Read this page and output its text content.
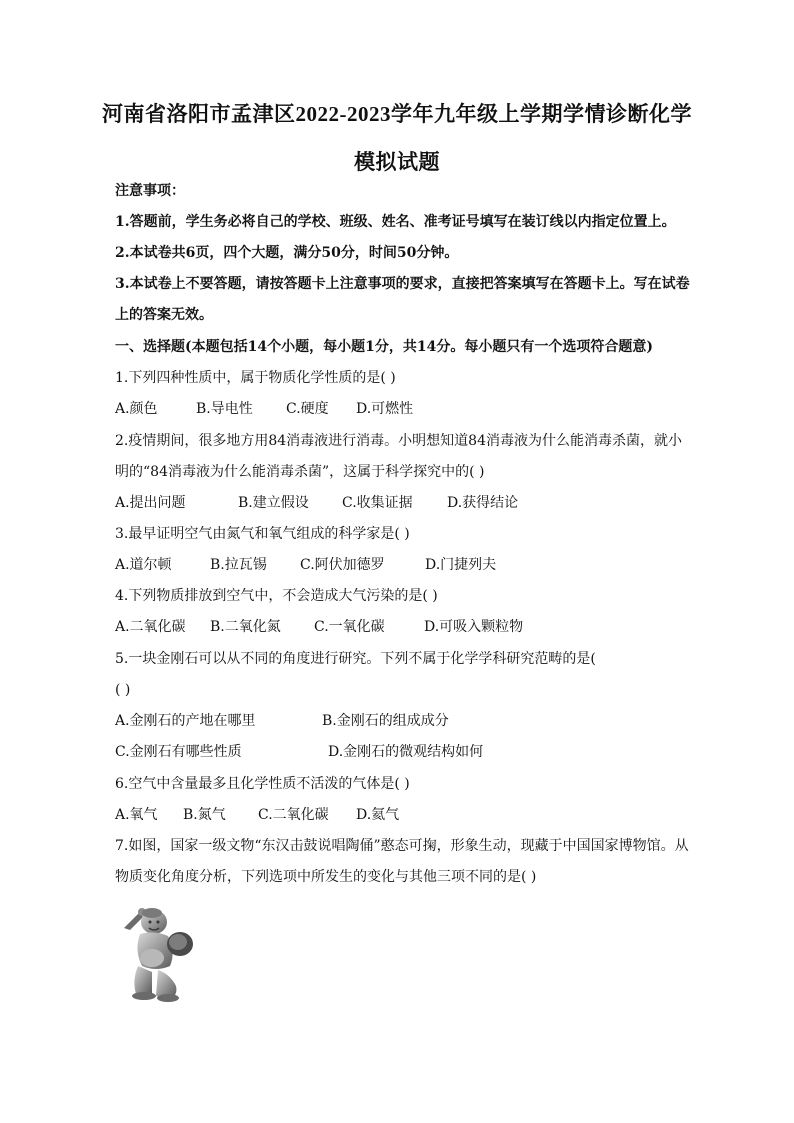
河南省洛阳市孟津区2022-2023学年九年级上学期学情诊断化学
模拟试题
注意事项：
1.答题前，学生务必将自己的学校、班级、姓名、准考证号填写在装订线以内指定位置上。
2.本试卷共6页，四个大题，满分50分，时间50分钟。
3.本试卷上不要答题，请按答题卡上注意事项的要求，直接把答案填写在答题卡上。写在试卷
上的答案无效。
一、选择题(本题包括14个小题，每小题1分，共14分。每小题只有一个选项符合题意)
1.下列四种性质中，属于物质化学性质的是( )
A.颜色	B.导电性 C.硬度 D.可燃性
2.疫情期间，很多地方用84消毒液进行消毒。小明想知道84消毒液为什么能消毒杀菌，就小
明的“84消毒液为什么能消毒杀菌”，这属于科学探究中的( )
A.提出问题	B.建立假设 C.收集证据 D.获得结论
3.最早证明空气由氮气和氧气组成的科学家是( )
A.道尔顿	B.拉瓦锡 C.阿伏加德罗	D.门捷列夫
4.下列物质排放到空气中，不会造成大气污染的是( )
A.二氧化碳 B.二氧化氮 C.一氧化碳	D.可吸入颗粒物
5.一块金刚石可以从不同的角度进行研究。下列不属于化学学科研究范畴的是(
( )
A.金刚石的产地在哪里	B.金刚石的组成成分
C.金刚石有哪些性质	D.金刚石的微观结构如何
6.空气中含量最多且化学性质不活泼的气体是( )
A.氧气 B.氮气 C.二氧化碳 D.氦气
7.如图，国家一级文物“东汉击鼓说唱陶俑”憨态可掬，形象生动，现藏于中国国家博物馆。从
物质变化角度分析，下列选项中所发生的变化与其他三项不同的是( )
